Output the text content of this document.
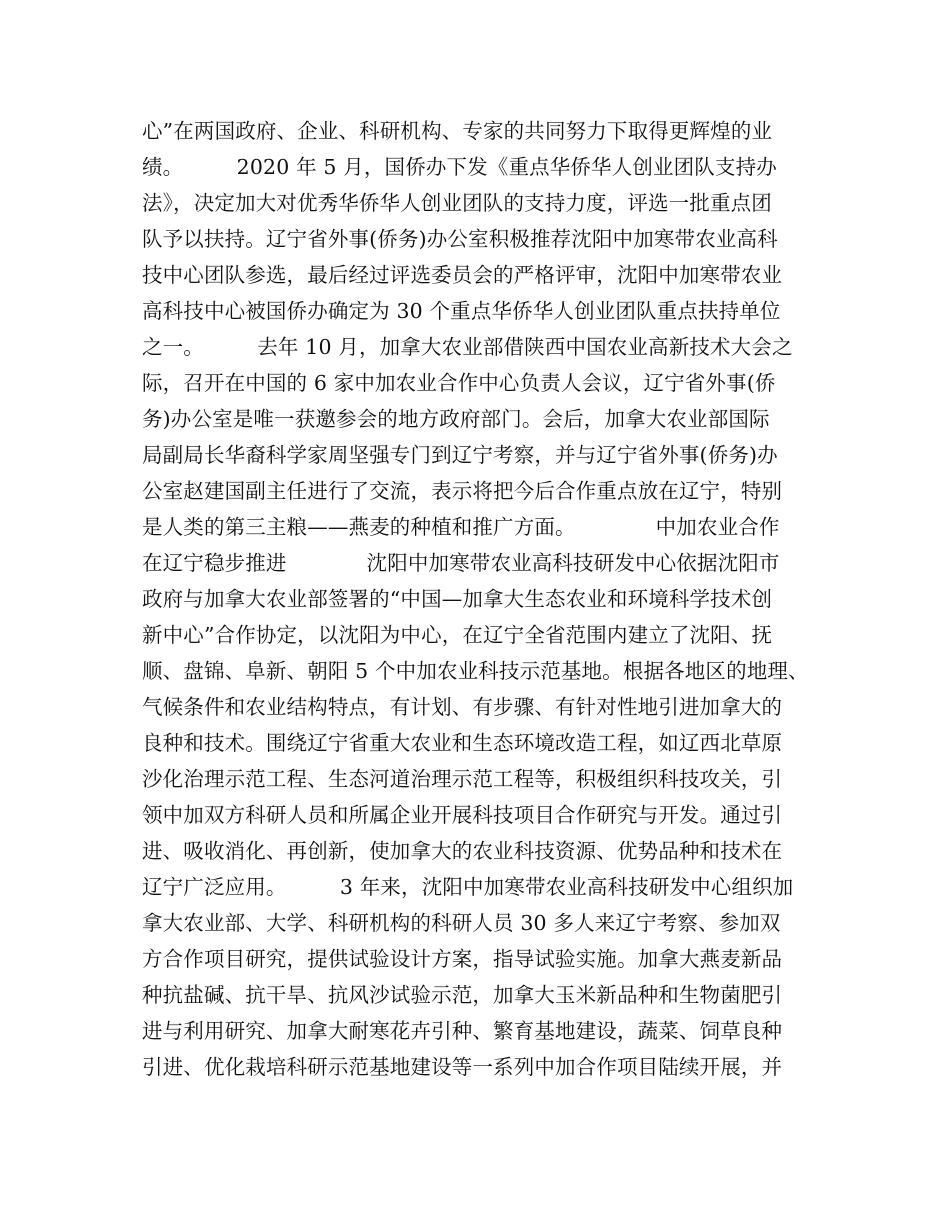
心”在两国政府、企业、科研机构、专家的共同努力下取得更辉煌的业
绩。        2020 年 5 月，国侨办下发《重点华侨华人创业团队支持办
法》，决定加大对优秀华侨华人创业团队的支持力度，评选一批重点团
队予以扶持。辽宁省外事(侨务)办公室积极推荐沈阳中加寒带农业高科
技中心团队参选，最后经过评选委员会的严格评审，沈阳中加寒带农业
高科技中心被国侨办确定为 30 个重点华侨华人创业团队重点扶持单位
之一。        去年 10 月，加拿大农业部借陕西中国农业高新技术大会之
际，召开在中国的 6 家中加农业合作中心负责人会议，辽宁省外事(侨
务)办公室是唯一获邀参会的地方政府部门。会后，加拿大农业部国际
局副局长华裔科学家周坚强专门到辽宁考察，并与辽宁省外事(侨务)办
公室赵建国副主任进行了交流，表示将把今后合作重点放在辽宁，特别
是人类的第三主粮——燕麦的种植和推广方面。            中加农业合作
在辽宁稳步推进            沈阳中加寒带农业高科技研发中心依据沈阳市
政府与加拿大农业部签署的“中国—加拿大生态农业和环境科学技术创
新中心”合作协定，以沈阳为中心，在辽宁全省范围内建立了沈阳、抚
顺、盘锦、阜新、朝阳 5 个中加农业科技示范基地。根据各地区的地理、
气候条件和农业结构特点，有计划、有步骤、有针对性地引进加拿大的
良种和技术。围绕辽宁省重大农业和生态环境改造工程，如辽西北草原
沙化治理示范工程、生态河道治理示范工程等，积极组织科技攻关，引
领中加双方科研人员和所属企业开展科技项目合作研究与开发。通过引
进、吸收消化、再创新，使加拿大的农业科技资源、优势品种和技术在
辽宁广泛应用。        3 年来，沈阳中加寒带农业高科技研发中心组织加
拿大农业部、大学、科研机构的科研人员 30 多人来辽宁考察、参加双
方合作项目研究，提供试验设计方案，指导试验实施。加拿大燕麦新品
种抗盐碱、抗干旱、抗风沙试验示范，加拿大玉米新品种和生物菌肥引
进与利用研究、加拿大耐寒花卉引种、繁育基地建设，蔬菜、饲草良种
引进、优化栽培科研示范基地建设等一系列中加合作项目陆续开展，并
